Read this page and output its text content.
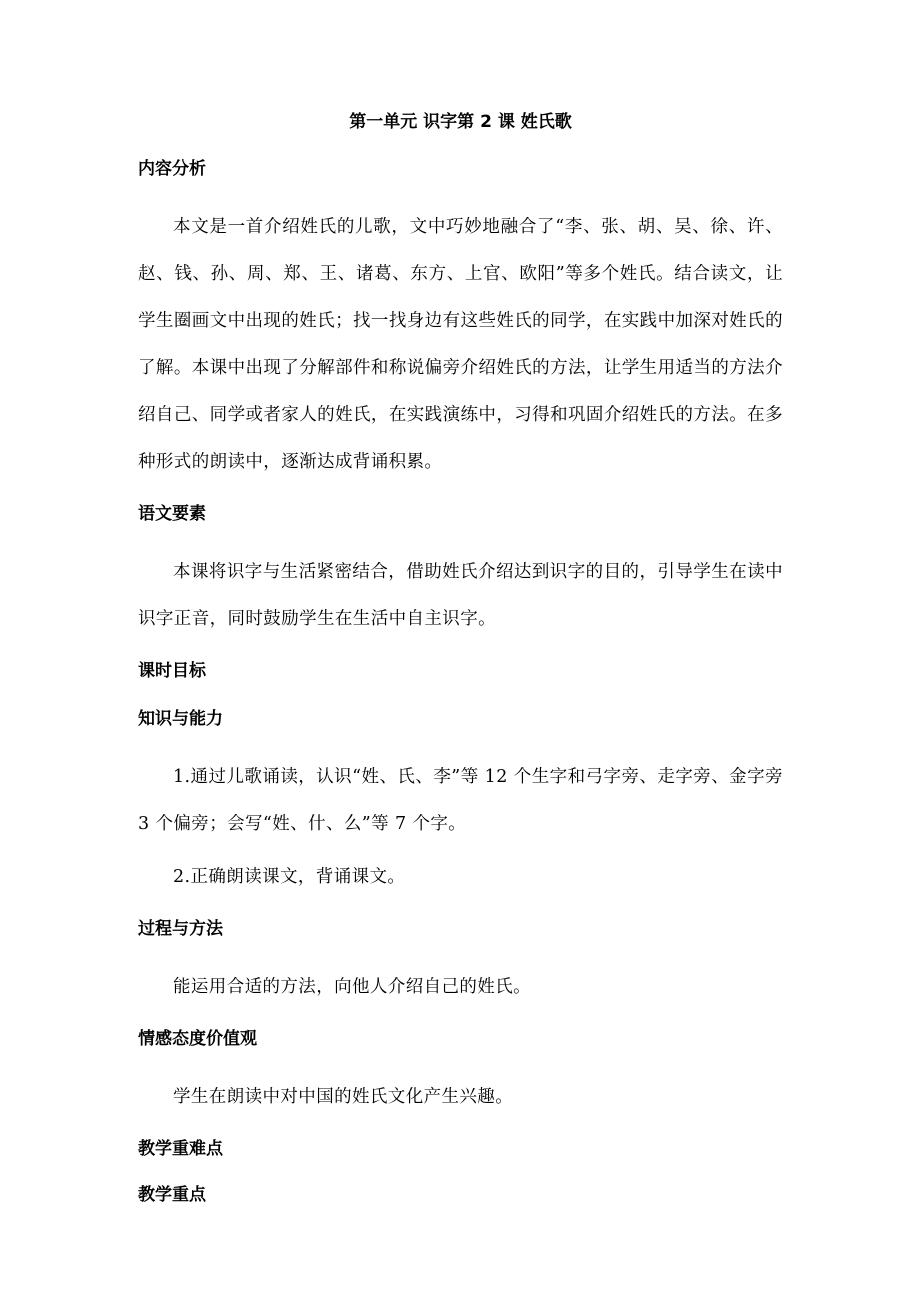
第一单元 识字第 2 课 姓氏歌
内容分析

本文是一首介绍姓氏的儿歌，文中巧妙地融合了“李、张、胡、吴、徐、许、赵、钱、孙、周、郑、王、诸葛、东方、上官、欧阳”等多个姓氏。结合读文，让学生圈画文中出现的姓氏；找一找身边有这些姓氏的同学，在实践中加深对姓氏的了解。本课中出现了分解部件和称说偏旁介绍姓氏的方法，让学生用适当的方法介绍自己、同学或者家人的姓氏，在实践演练中，习得和巩固介绍姓氏的方法。在多种形式的朗读中，逐渐达成背诵积累。

语文要素

本课将识字与生活紧密结合，借助姓氏介绍达到识字的目的，引导学生在读中识字正音，同时鼓励学生在生活中自主识字。

课时目标
知识与能力

1.通过儿歌诵读，认识“姓、氏、李”等 12 个生字和弓字旁、走字旁、金字旁 3 个偏旁；会写“姓、什、么”等 7 个字。

2.正确朗读课文，背诵课文。

过程与方法

能运用合适的方法，向他人介绍自己的姓氏。

情感态度价值观

学生在朗读中对中国的姓氏文化产生兴趣。

教学重难点
教学重点
